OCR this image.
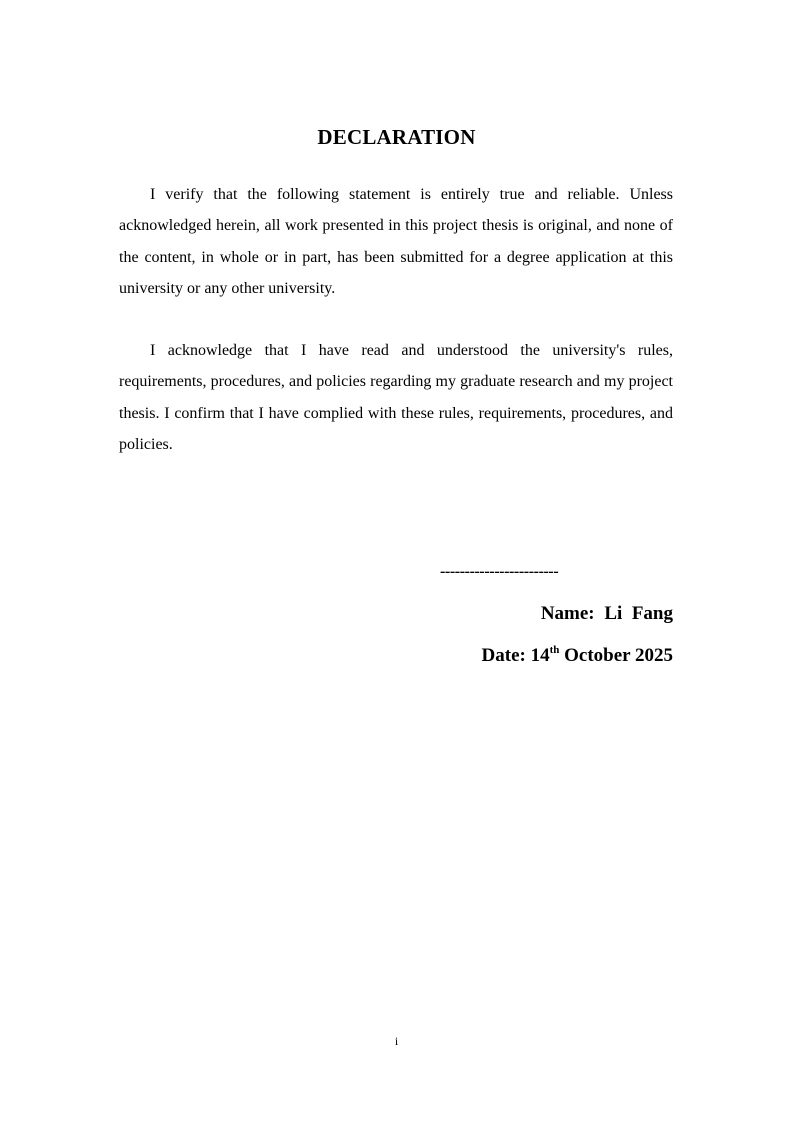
DECLARATION

I verify that the following statement is entirely true and reliable. Unless acknowledged herein, all work presented in this project thesis is original, and none of the content, in whole or in part, has been submitted for a degree application at this university or any other university.

I acknowledge that I have read and understood the university's rules, requirements, procedures, and policies regarding my graduate research and my project thesis. I confirm that I have complied with these rules, requirements, procedures, and policies.

------------------------
Name: Li  Fang
Date: 14th October 2025
i
